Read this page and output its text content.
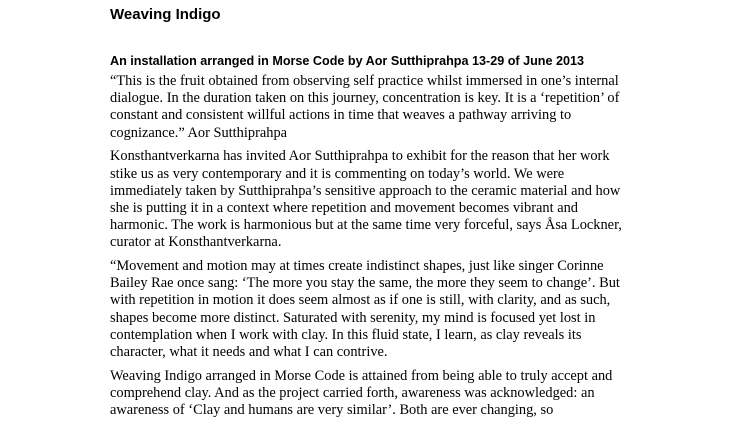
Weaving Indigo
An installation arranged in Morse Code by Aor Sutthiprahpa 13-29 of June 2013
“This is the fruit obtained from observing self practice whilst immersed in one’s internal
dialogue. In the duration taken on this journey, concentration is key. It is a ‘repetition’ of
constant and consistent willful actions in time that weaves a pathway arriving to
cognizance.” Aor Sutthiprahpa
Konsthantverkarna has invited Aor Sutthiprahpa to exhibit for the reason that her work
stike us as very contemporary and it is commenting on today’s world. We were
immediately taken by Sutthiprahpa’s sensitive approach to the ceramic material and how
she is putting it in a context where repetition and movement becomes vibrant and
harmonic. The work is harmonious but at the same time very forceful, says Åsa Lockner,
curator at Konsthantverkarna.
“Movement and motion may at times create indistinct shapes, just like singer Corinne
Bailey Rae once sang: ‘The more you stay the same, the more they seem to change’. But
with repetition in motion it does seem almost as if one is still, with clarity, and as such,
shapes become more distinct. Saturated with serenity, my mind is focused yet lost in
contemplation when I work with clay. In this fluid state, I learn, as clay reveals its
character, what it needs and what I can contrive.
Weaving Indigo arranged in Morse Code is attained from being able to truly accept and
comprehend clay. And as the project carried forth, awareness was acknowledged: an
awareness of ‘Clay and humans are very similar’. Both are ever changing, so
